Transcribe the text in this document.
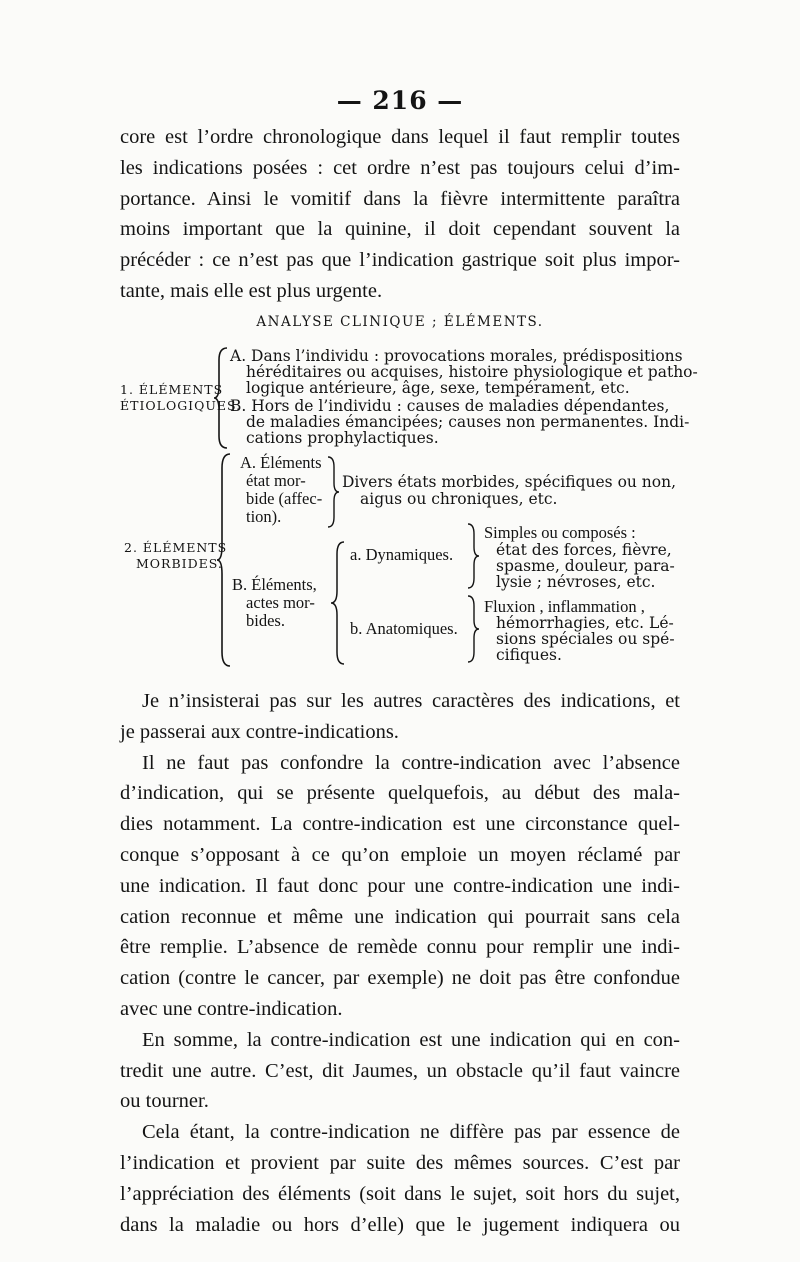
— 216 —
core est l’ordre chronologique dans lequel il faut remplir toutes
les indications posées : cet ordre n’est pas toujours celui d’im-
portance. Ainsi le vomitif dans la fièvre intermittente paraîtra
moins important que la quinine, il doit cependant souvent la
précéder : ce n’est pas que l’indication gastrique soit plus impor-
tante, mais elle est plus urgente.
ANALYSE CLINIQUE ; ÉLÉMENTS.
1. ÉLÉMENTS
ÉTIOLOGIQUES.
A. Dans l’individu : provocations morales, prédispositions
héréditaires ou acquises, histoire physiologique et patho-
logique antérieure, âge, sexe, tempérament, etc.
B. Hors de l’individu : causes de maladies dépendantes,
de maladies émancipées; causes non permanentes. Indi-
cations prophylactiques.
2. ÉLÉMENTS
MORBIDES.
A. Éléments
état mor-
bide (affec-
tion).
Divers états morbides, spécifiques ou non,
aigus ou chroniques, etc.
B. Éléments,
actes mor-
bides.
a. Dynamiques.
Simples ou composés :
état des forces, fièvre,
spasme, douleur, para-
lysie ; névroses, etc.
b. Anatomiques.
Fluxion , inflammation ,
hémorrhagies, etc. Lé-
sions spéciales ou spé-
cifiques.
Je n’insisterai pas sur les autres caractères des indications, et
je passerai aux contre-indications.
Il ne faut pas confondre la contre-indication avec l’absence
d’indication, qui se présente quelquefois, au début des mala-
dies notamment. La contre-indication est une circonstance quel-
conque s’opposant à ce qu’on emploie un moyen réclamé par
une indication. Il faut donc pour une contre-indication une indi-
cation reconnue et même une indication qui pourrait sans cela
être remplie. L’absence de remède connu pour remplir une indi-
cation (contre le cancer, par exemple) ne doit pas être confondue
avec une contre-indication.
En somme, la contre-indication est une indication qui en con-
tredit une autre. C’est, dit Jaumes, un obstacle qu’il faut vaincre
ou tourner.
Cela étant, la contre-indication ne diffère pas par essence de
l’indication et provient par suite des mêmes sources. C’est par
l’appréciation des éléments (soit dans le sujet, soit hors du sujet,
dans la maladie ou hors d’elle) que le jugement indiquera ou
